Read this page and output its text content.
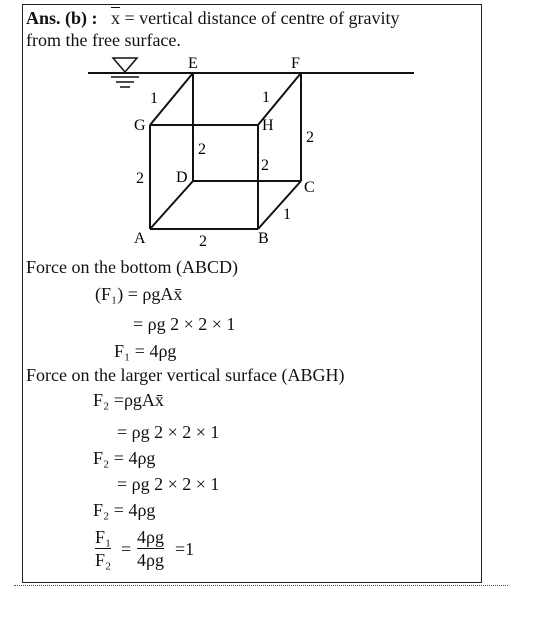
Ans. (b) : $\overline{x}$ = vertical distance of centre of gravity
from the free surface.
E	F
G	H
D
C
A	B
1	1
2
2
2
2
2
1
Force on the bottom (ABCD)
(F₁) = ρgAx̄
= ρg 2 × 2 × 1
F₁ = 4ρg
Force on the larger vertical surface (ABGH)
F₂ =ρgAx̄
= ρg 2 × 2 × 1
F₂ = 4ρg
= ρg 2 × 2 × 1
F₂ = 4ρg
F₁
F₂
=
4ρg
4ρg
=1
